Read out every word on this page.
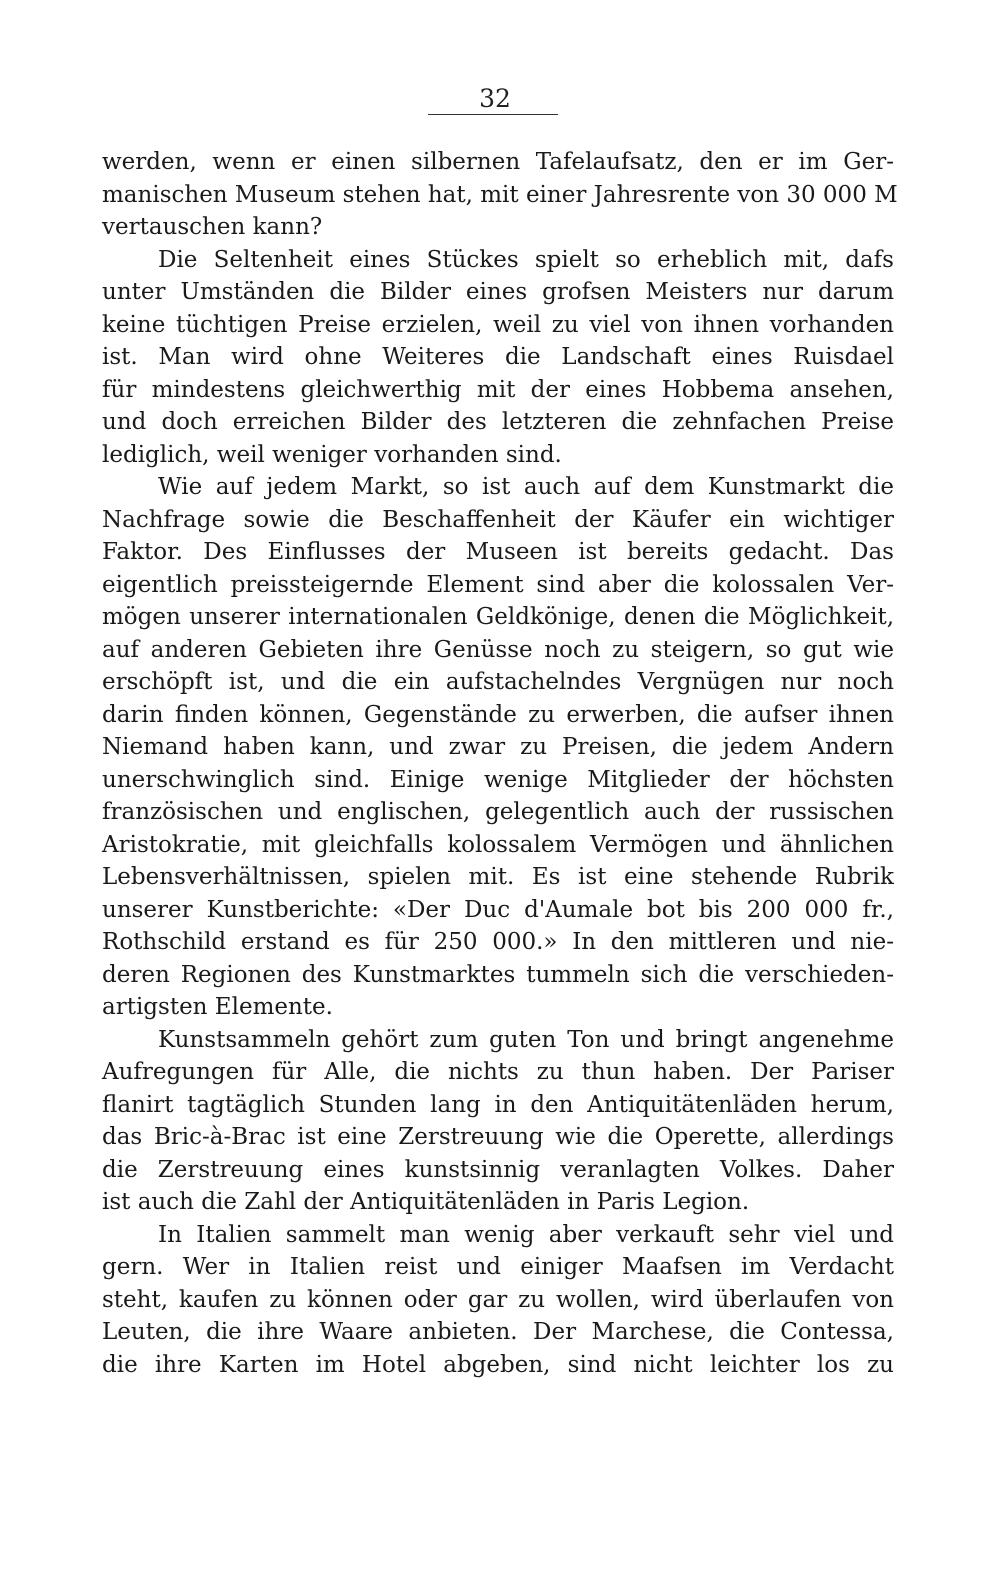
32
werden, wenn er einen silbernen Tafelaufsatz, den er im Ger-
manischen Museum stehen hat, mit einer Jahresrente von 30 000 M
vertauschen kann?
Die Seltenheit eines Stückes spielt so erheblich mit, dafs
unter Umständen die Bilder eines grofsen Meisters nur darum
keine tüchtigen Preise erzielen, weil zu viel von ihnen vorhanden
ist. Man wird ohne Weiteres die Landschaft eines Ruisdael
für mindestens gleichwerthig mit der eines Hobbema ansehen,
und doch erreichen Bilder des letzteren die zehnfachen Preise
lediglich, weil weniger vorhanden sind.
Wie auf jedem Markt, so ist auch auf dem Kunstmarkt die
Nachfrage sowie die Beschaffenheit der Käufer ein wichtiger
Faktor. Des Einflusses der Museen ist bereits gedacht. Das
eigentlich preissteigernde Element sind aber die kolossalen Ver-
mögen unserer internationalen Geldkönige, denen die Möglichkeit,
auf anderen Gebieten ihre Genüsse noch zu steigern, so gut wie
erschöpft ist, und die ein aufstachelndes Vergnügen nur noch
darin finden können, Gegenstände zu erwerben, die aufser ihnen
Niemand haben kann, und zwar zu Preisen, die jedem Andern
unerschwinglich sind. Einige wenige Mitglieder der höchsten
französischen und englischen, gelegentlich auch der russischen
Aristokratie, mit gleichfalls kolossalem Vermögen und ähnlichen
Lebensverhältnissen, spielen mit. Es ist eine stehende Rubrik
unserer Kunstberichte: «Der Duc d'Aumale bot bis 200 000 fr.,
Rothschild erstand es für 250 000.» In den mittleren und nie-
deren Regionen des Kunstmarktes tummeln sich die verschieden-
artigsten Elemente.
Kunstsammeln gehört zum guten Ton und bringt angenehme
Aufregungen für Alle, die nichts zu thun haben. Der Pariser
flanirt tagtäglich Stunden lang in den Antiquitätenläden herum,
das Bric-à-Brac ist eine Zerstreuung wie die Operette, allerdings
die Zerstreuung eines kunstsinnig veranlagten Volkes. Daher
ist auch die Zahl der Antiquitätenläden in Paris Legion.
In Italien sammelt man wenig aber verkauft sehr viel und
gern. Wer in Italien reist und einiger Maafsen im Verdacht
steht, kaufen zu können oder gar zu wollen, wird überlaufen von
Leuten, die ihre Waare anbieten. Der Marchese, die Contessa,
die ihre Karten im Hotel abgeben, sind nicht leichter los zu
